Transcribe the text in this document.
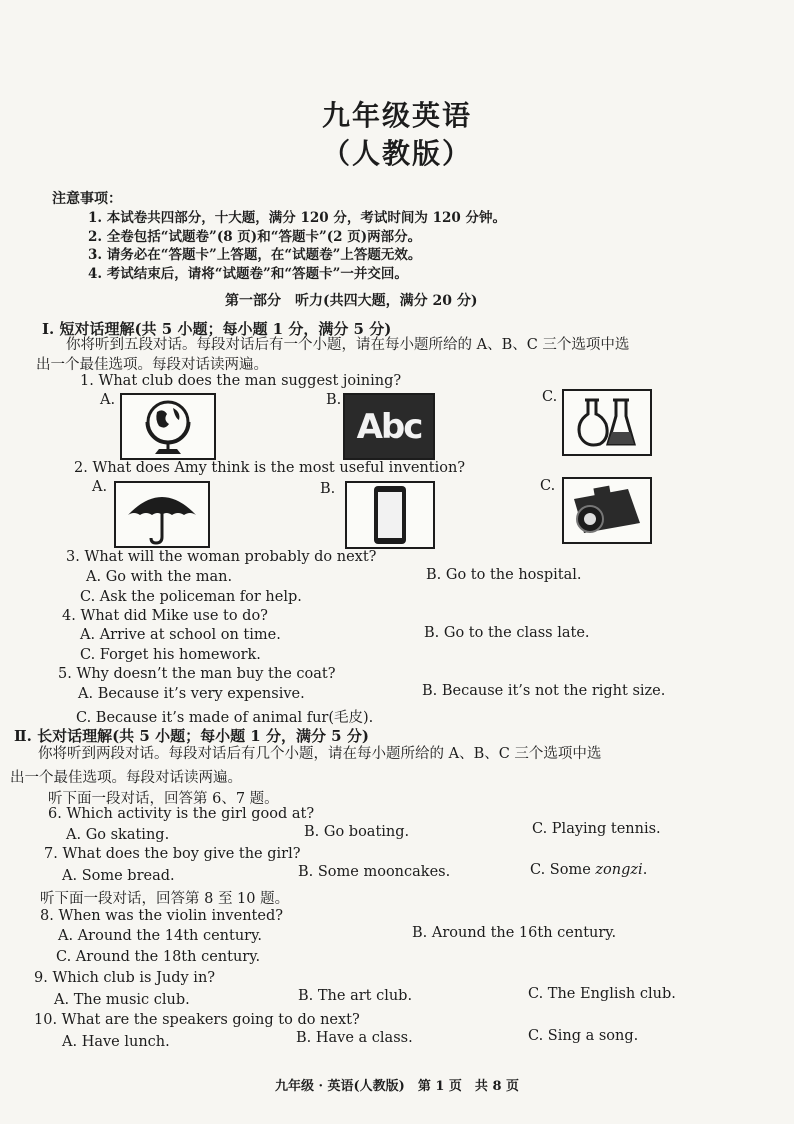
九年级英语
（人教版）
注意事项：
1. 本试卷共四部分，十大题，满分 120 分，考试时间为 120 分钟。
2. 全卷包括“试题卷”(8 页)和“答题卡”(2 页)两部分。
3. 请务必在“答题卡”上答题，在“试题卷”上答题无效。
4. 考试结束后，请将“试题卷”和“答题卡”一并交回。
第一部分　听力(共四大题，满分 20 分)
Ⅰ. 短对话理解(共 5 小题；每小题 1 分，满分 5 分)
你将听到五段对话。每段对话后有一个小题，请在每小题所给的 A、B、C 三个选项中选
出一个最佳选项。每段对话读两遍。
1. What club does the man suggest joining?
A.	B.
Abc
C.
2. What does Amy think is the most useful invention?
A.	B.	C.
3. What will the woman probably do next?
A. Go with the man.	B. Go to the hospital.
C. Ask the policeman for help.
4. What did Mike use to do?
A. Arrive at school on time.	B. Go to the class late.
C. Forget his homework.
5. Why doesn’t the man buy the coat?
A. Because it’s very expensive.	B. Because it’s not the right size.
C. Because it’s made of animal fur(毛皮).
Ⅱ. 长对话理解(共 5 小题；每小题 1 分，满分 5 分)
你将听到两段对话。每段对话后有几个小题，请在每小题所给的 A、B、C 三个选项中选
出一个最佳选项。每段对话读两遍。
听下面一段对话，回答第 6、7 题。
6. Which activity is the girl good at?
A. Go skating.	B. Go boating.	C. Playing tennis.
7. What does the boy give the girl?
A. Some bread.	B. Some mooncakes.	C. Some zongzi.
听下面一段对话，回答第 8 至 10 题。
8. When was the violin invented?
A. Around the 14th century.	B. Around the 16th century.
C. Around the 18th century.
9. Which club is Judy in?
A. The music club.	B. The art club.	C. The English club.
10. What are the speakers going to do next?
A. Have lunch.	B. Have a class.	C. Sing a song.
九年级 · 英语(人教版)　第 1 页　共 8 页
